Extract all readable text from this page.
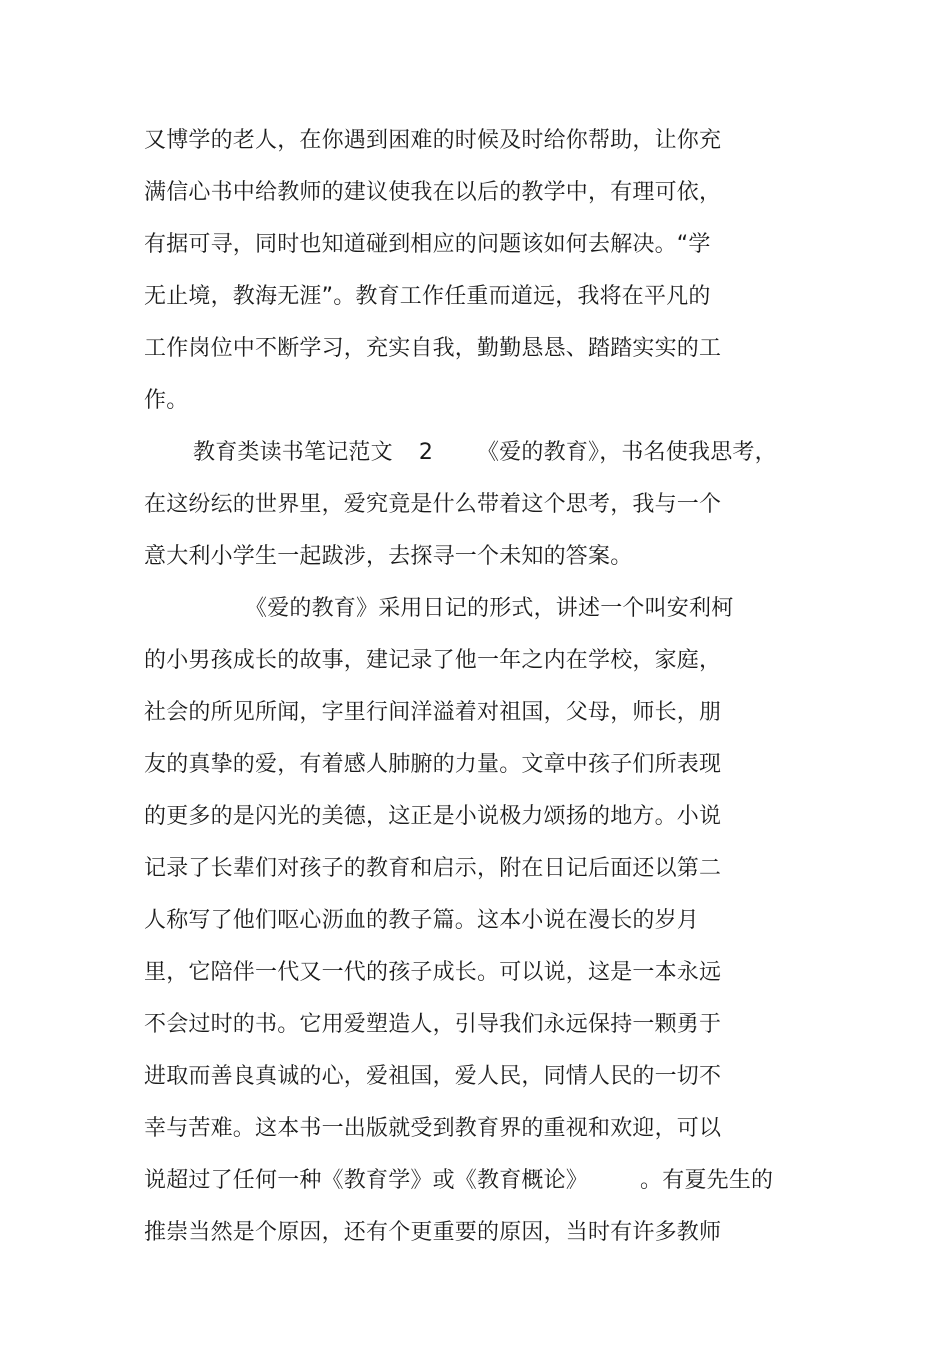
又博学的老人，在你遇到困难的时候及时给你帮助，让你充
满信心书中给教师的建议使我在以后的教学中，有理可依，
有据可寻，同时也知道碰到相应的问题该如何去解决。“学
无止境，教海无涯”。教育工作任重而道远，我将在平凡的
工作岗位中不断学习，充实自我，勤勤恳恳、踏踏实实的工
作。
教育类读书笔记范文 2 《爱的教育》，书名使我思考，
在这纷纭的世界里，爱究竟是什么带着这个思考，我与一个
意大利小学生一起跋涉，去探寻一个未知的答案。
《爱的教育》采用日记的形式，讲述一个叫安利柯
的小男孩成长的故事，建记录了他一年之内在学校，家庭，
社会的所见所闻，字里行间洋溢着对祖国，父母，师长，朋
友的真挚的爱，有着感人肺腑的力量。文章中孩子们所表现
的更多的是闪光的美德，这正是小说极力颂扬的地方。小说
记录了长辈们对孩子的教育和启示，附在日记后面还以第二
人称写了他们呕心沥血的教子篇。这本小说在漫长的岁月
里，它陪伴一代又一代的孩子成长。可以说，这是一本永远
不会过时的书。它用爱塑造人，引导我们永远保持一颗勇于
进取而善良真诚的心，爱祖国，爱人民，同情人民的一切不
幸与苦难。这本书一出版就受到教育界的重视和欢迎，可以
说超过了任何一种《教育学》或《教育概论》 。有夏先生的
推崇当然是个原因，还有个更重要的原因，当时有许多教师
